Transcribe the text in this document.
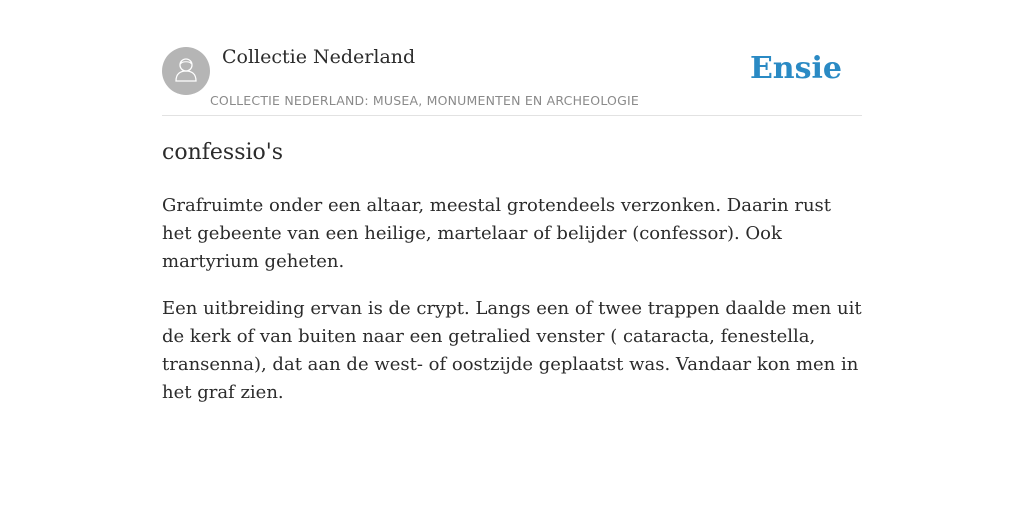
Collectie Nederland
COLLECTIE NEDERLAND: MUSEA, MONUMENTEN EN ARCHEOLOGIE
Ensie
confessio's

Grafruimte onder een altaar, meestal grotendeels verzonken. Daarin rust het gebeente van een heilige, martelaar of belijder (confessor). Ook martyrium geheten.

Een uitbreiding ervan is de crypt. Langs een of twee trappen daalde men uit de kerk of van buiten naar een getralied venster ( cataracta, fenestella, transenna), dat aan de west- of oostzijde geplaatst was. Vandaar kon men in het graf zien.
